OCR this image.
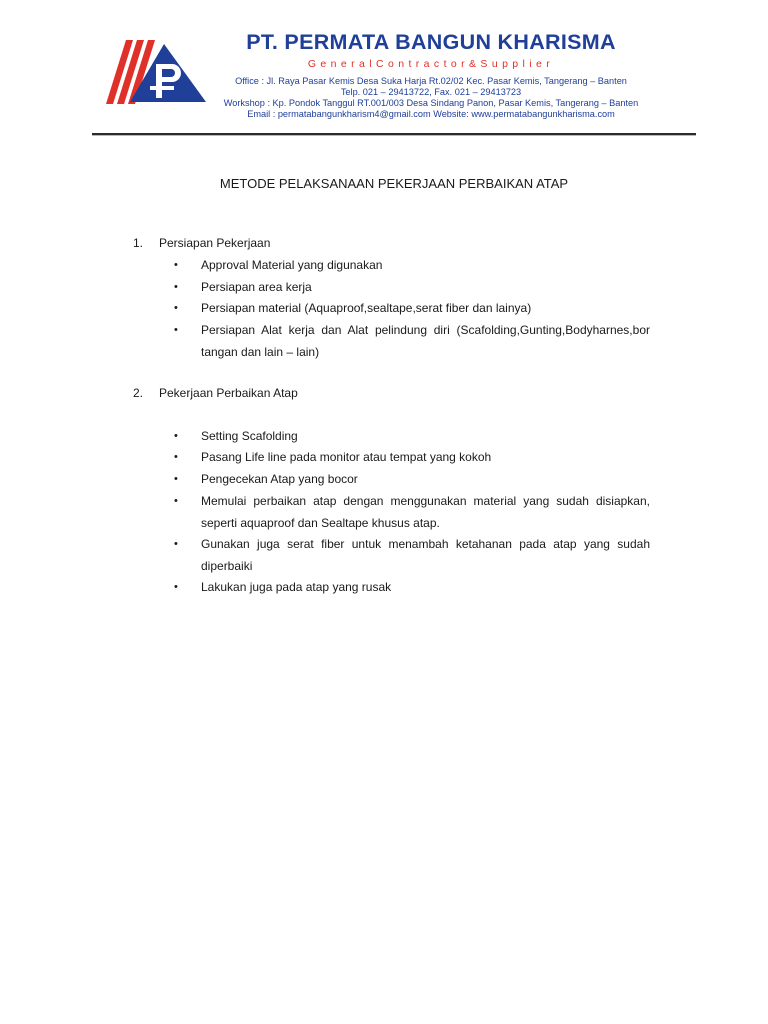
PT. PERMATA BANGUN KHARISMA
GeneralContractor&Supplier
Office : Jl. Raya Pasar Kemis Desa Suka Harja Rt.02/02 Kec. Pasar Kemis, Tangerang – Banten
Telp. 021 – 29413722, Fax. 021 – 29413723
Workshop : Kp. Pondok Tanggul RT.001/003 Desa Sindang Panon, Pasar Kemis, Tangerang – Banten
Email : permatabangunkharism4@gmail.com Website: www.permatabangunkharisma.com
METODE PELAKSANAAN PEKERJAAN PERBAIKAN ATAP
1. Persiapan Pekerjaan
• Approval Material yang digunakan
• Persiapan area kerja
• Persiapan material (Aquaproof,sealtape,serat fiber dan lainya)
• Persiapan Alat kerja dan Alat pelindung diri (Scafolding,Gunting,Bodyharnes,bor tangan dan lain – lain)
2. Pekerjaan Perbaikan Atap
• Setting Scafolding
• Pasang Life line pada monitor atau tempat yang kokoh
• Pengecekan Atap yang bocor
• Memulai perbaikan atap dengan menggunakan material yang sudah disiapkan, seperti aquaproof dan Sealtape khusus atap.
• Gunakan juga serat fiber untuk menambah ketahanan pada atap yang sudah diperbaiki
• Lakukan juga pada atap yang rusak
